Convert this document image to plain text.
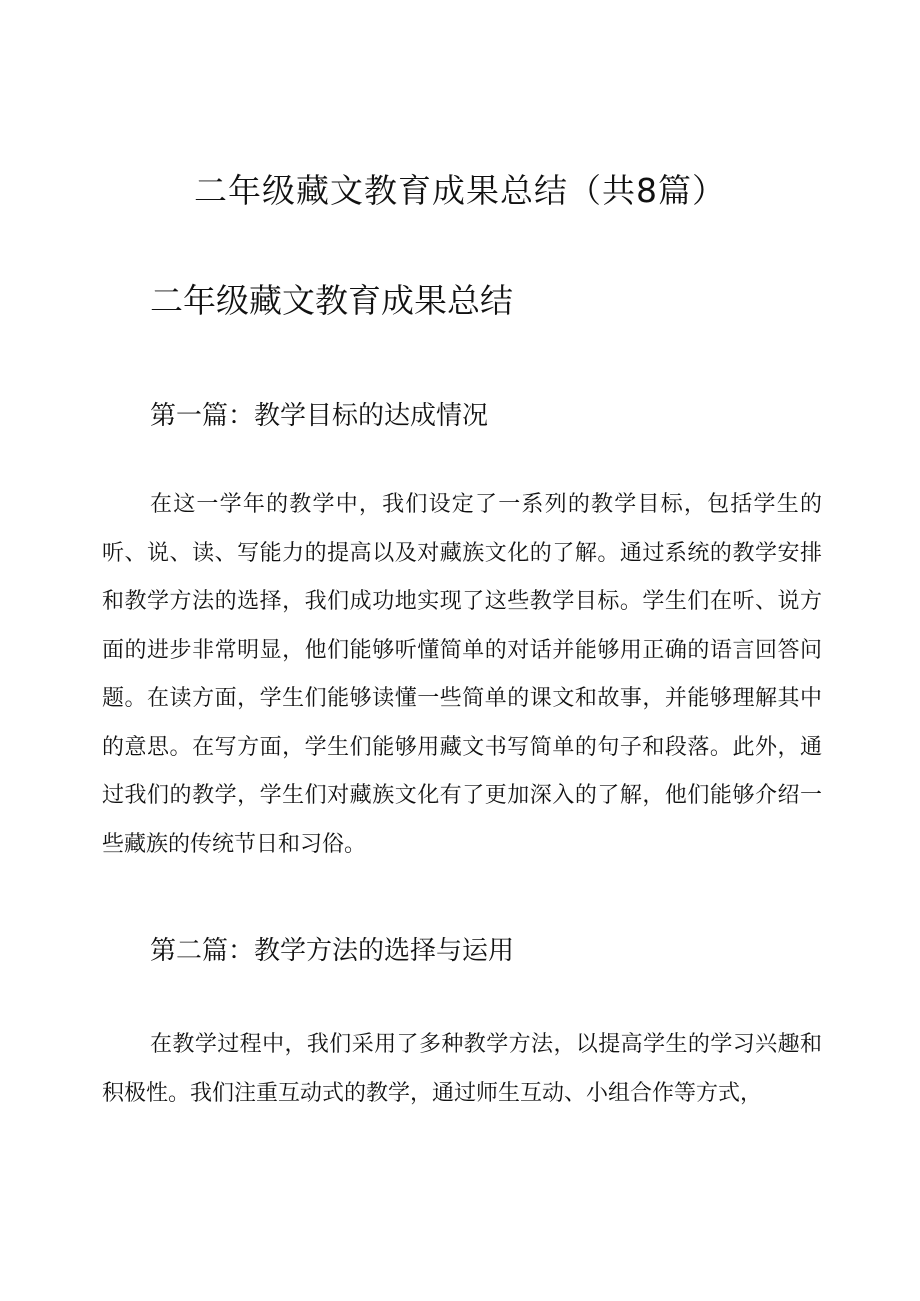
二年级藏文教育成果总结（共8篇）
二年级藏文教育成果总结
第一篇：教学目标的达成情况

在这一学年的教学中，我们设定了一系列的教学目标，包括学生的听、说、读、写能力的提高以及对藏族文化的了解。通过系统的教学安排和教学方法的选择，我们成功地实现了这些教学目标。学生们在听、说方面的进步非常明显，他们能够听懂简单的对话并能够用正确的语言回答问题。在读方面，学生们能够读懂一些简单的课文和故事，并能够理解其中的意思。在写方面，学生们能够用藏文书写简单的句子和段落。此外，通过我们的教学，学生们对藏族文化有了更加深入的了解，他们能够介绍一些藏族的传统节日和习俗。

第二篇：教学方法的选择与运用

在教学过程中，我们采用了多种教学方法，以提高学生的学习兴趣和积极性。我们注重互动式的教学，通过师生互动、小组合作等方式，
